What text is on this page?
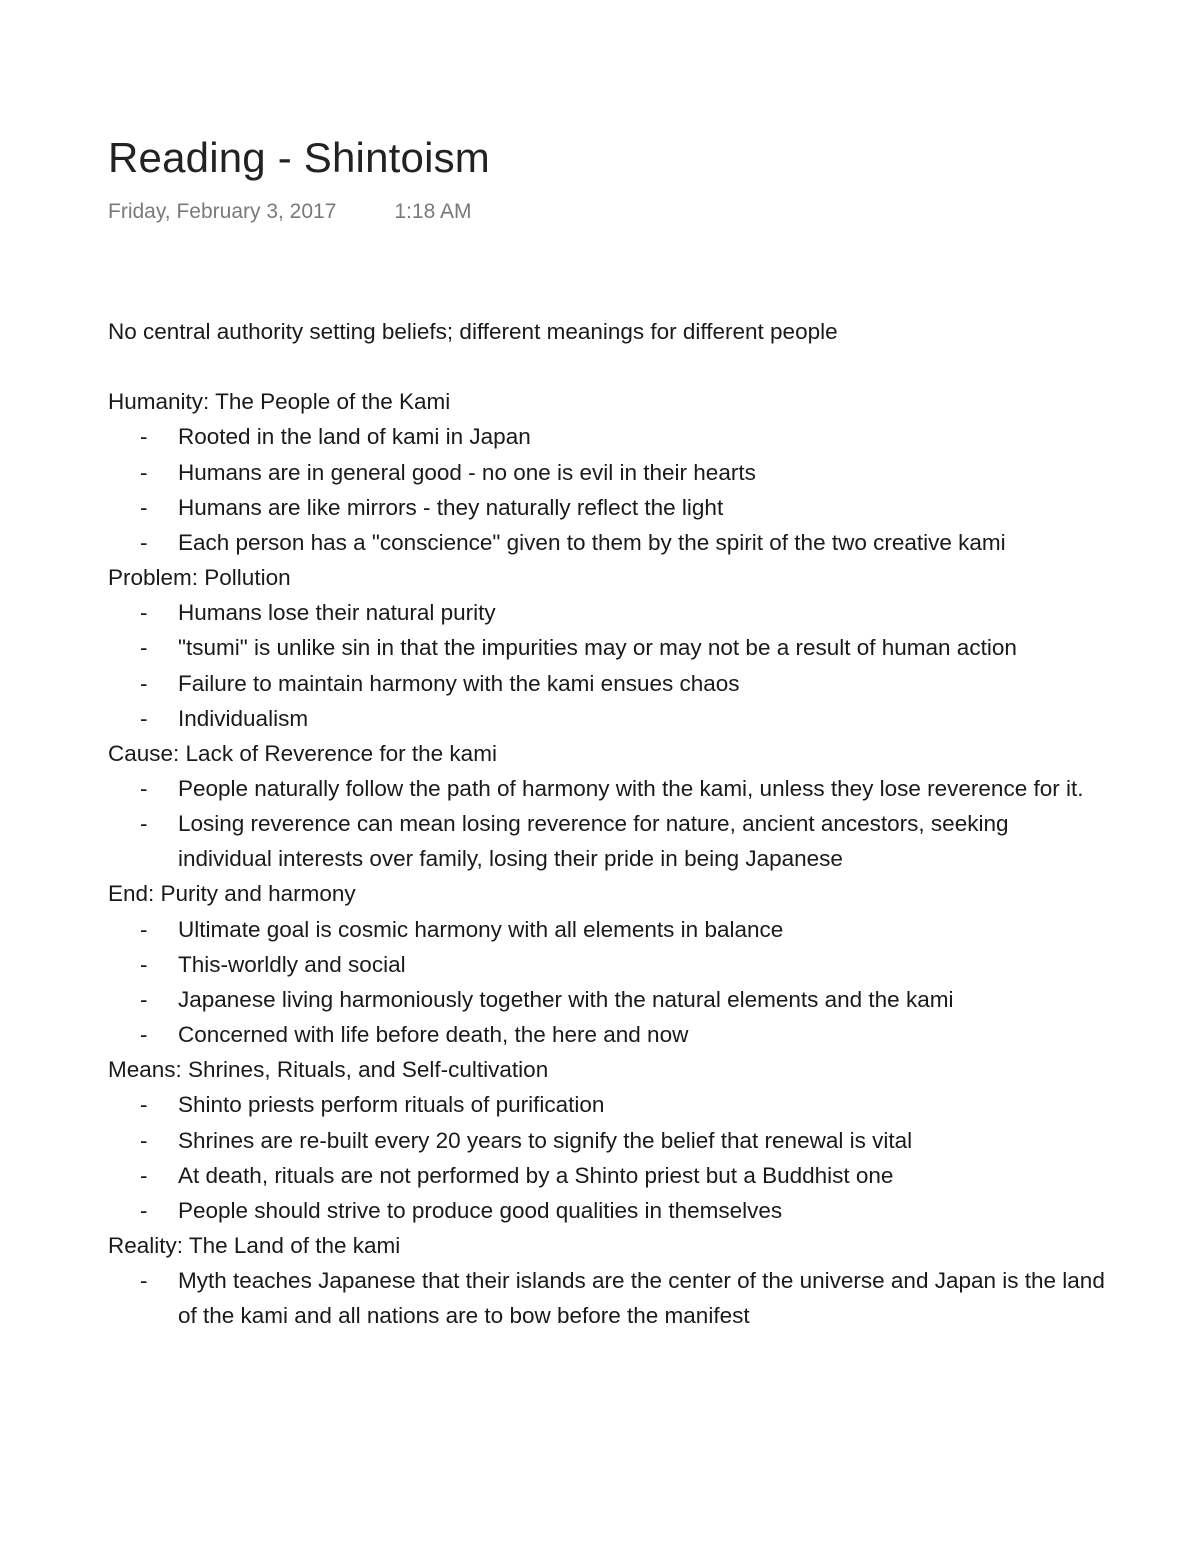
Reading - Shintoism
Friday, February 3, 2017	1:18 AM

No central authority setting beliefs; different meanings for different people

Humanity: The People of the Kami

- Rooted in the land of kami in Japan
- Humans are in general good - no one is evil in their hearts
- Humans are like mirrors - they naturally reflect the light
- Each person has a "conscience" given to them by the spirit of the two creative kami

Problem: Pollution

- Humans lose their natural purity
- "tsumi" is unlike sin in that the impurities may or may not be a result of human action
- Failure to maintain harmony with the kami ensues chaos
- Individualism

Cause: Lack of Reverence for the kami

- People naturally follow the path of harmony with the kami, unless they lose reverence for it.
- Losing reverence can mean losing reverence for nature, ancient ancestors, seeking individual interests over family, losing their pride in being Japanese

End: Purity and harmony

- Ultimate goal is cosmic harmony with all elements in balance
- This-worldly and social
- Japanese living harmoniously together with the natural elements and the kami
- Concerned with life before death, the here and now

Means: Shrines, Rituals, and Self-cultivation

- Shinto priests perform rituals of purification
- Shrines are re-built every 20 years to signify the belief that renewal is vital
- At death, rituals are not performed by a Shinto priest but a Buddhist one
- People should strive to produce good qualities in themselves

Reality: The Land of the kami

- Myth teaches Japanese that their islands are the center of the universe and Japan is the land of the kami and all nations are to bow before the manifest
